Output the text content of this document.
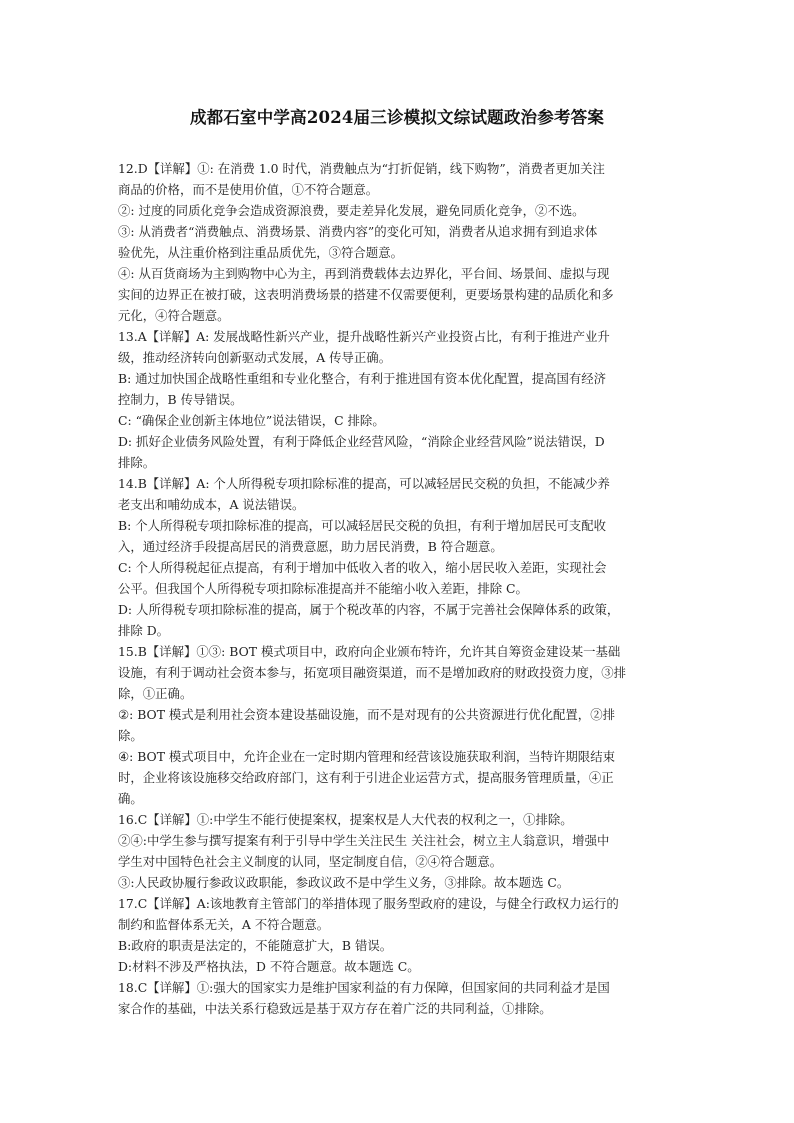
成都石室中学高2024届三诊模拟文综试题政治参考答案
12.D【详解】①: 在消费 1.0 时代，消费触点为“打折促销，线下购物”，消费者更加关注
商品的价格，而不是使用价值，①不符合题意。
②: 过度的同质化竞争会造成资源浪费，要走差异化发展，避免同质化竞争，②不选。
③: 从消费者“消费触点、消费场景、消费内容”的变化可知，消费者从追求拥有到追求体
验优先，从注重价格到注重品质优先，③符合题意。
④: 从百货商场为主到购物中心为主，再到消费载体去边界化，平台间、场景间、虚拟与现
实间的边界正在被打破，这表明消费场景的搭建不仅需要便利，更要场景构建的品质化和多
元化，④符合题意。
13.A【详解】A: 发展战略性新兴产业，提升战略性新兴产业投资占比，有利于推进产业升
级，推动经济转向创新驱动式发展，A 传导正确。
B: 通过加快国企战略性重组和专业化整合，有利于推进国有资本优化配置，提高国有经济
控制力，B 传导错误。
C: “确保企业创新主体地位”说法错误，C 排除。
D: 抓好企业债务风险处置，有利于降低企业经营风险，“消除企业经营风险”说法错误，D
排除。
14.B【详解】A: 个人所得税专项扣除标准的提高，可以减轻居民交税的负担，不能减少养
老支出和哺幼成本，A 说法错误。
B: 个人所得税专项扣除标准的提高，可以减轻居民交税的负担，有利于增加居民可支配收
入，通过经济手段提高居民的消费意愿，助力居民消费，B 符合题意。
C: 个人所得税起征点提高，有利于增加中低收入者的收入，缩小居民收入差距，实现社会
公平。但我国个人所得税专项扣除标准提高并不能缩小收入差距，排除 C。
D: 人所得税专项扣除标准的提高，属于个税改革的内容，不属于完善社会保障体系的政策，
排除 D。
15.B【详解】①③: BOT 模式项目中，政府向企业颁布特许，允许其自筹资金建设某一基础
设施，有利于调动社会资本参与，拓宽项目融资渠道，而不是增加政府的财政投资力度，③排
除，①正确。
②: BOT 模式是利用社会资本建设基础设施，而不是对现有的公共资源进行优化配置，②排
除。
④: BOT 模式项目中，允许企业在一定时期内管理和经营该设施获取利润，当特许期限结束
时，企业将该设施移交给政府部门，这有利于引进企业运营方式，提高服务管理质量，④正
确。
16.C【详解】①:中学生不能行使提案权，提案权是人大代表的权利之一，①排除。
②④:中学生参与撰写提案有利于引导中学生关注民生 关注社会，树立主人翁意识，增强中
学生对中国特色社会主义制度的认同，坚定制度自信，②④符合题意。
③:人民政协履行参政议政职能，参政议政不是中学生义务，③排除。故本题选 C。
17.C【详解】A:该地教育主管部门的举措体现了服务型政府的建设，与健全行政权力运行的
制约和监督体系无关，A 不符合题意。
B:政府的职责是法定的，不能随意扩大，B 错误。
D:材料不涉及严格执法，D 不符合题意。故本题选 C。
18.C【详解】①:强大的国家实力是维护国家利益的有力保障，但国家间的共同利益才是国
家合作的基础，中法关系行稳致远是基于双方存在着广泛的共同利益，①排除。
